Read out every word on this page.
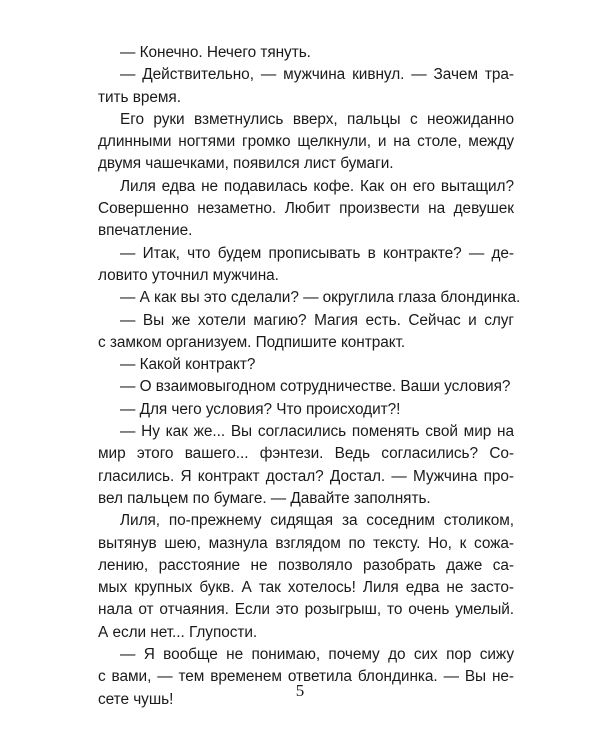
— Конечно. Нечего тянуть.
— Действительно, — мужчина кивнул. — Зачем тра-
тить время.
Его руки взметнулись вверх, пальцы с неожиданно
длинными ногтями громко щелкнули, и на столе, между
двумя чашечками, появился лист бумаги.
Лиля едва не подавилась кофе. Как он его вытащил?
Совершенно незаметно. Любит произвести на девушек
впечатление.
— Итак, что будем прописывать в контракте? — де-
ловито уточнил мужчина.
— А как вы это сделали? — округлила глаза блондинка.
— Вы же хотели магию? Магия есть. Сейчас и слуг
с замком организуем. Подпишите контракт.
— Какой контракт?
— О взаимовыгодном сотрудничестве. Ваши условия?
— Для чего условия? Что происходит?!
— Ну как же... Вы согласились поменять свой мир на
мир этого вашего... фэнтези. Ведь согласились? Со-
гласились. Я контракт достал? Достал. — Мужчина про-
вел пальцем по бумаге. — Давайте заполнять.
Лиля, по-прежнему сидящая за соседним столиком,
вытянув шею, мазнула взглядом по тексту. Но, к сожа-
лению, расстояние не позволяло разобрать даже са-
мых крупных букв. А так хотелось! Лиля едва не засто-
нала от отчаяния. Если это розыгрыш, то очень умелый.
А если нет... Глупости.
— Я вообще не понимаю, почему до сих пор сижу
с вами, — тем временем ответила блондинка. — Вы не-
сете чушь!	5
